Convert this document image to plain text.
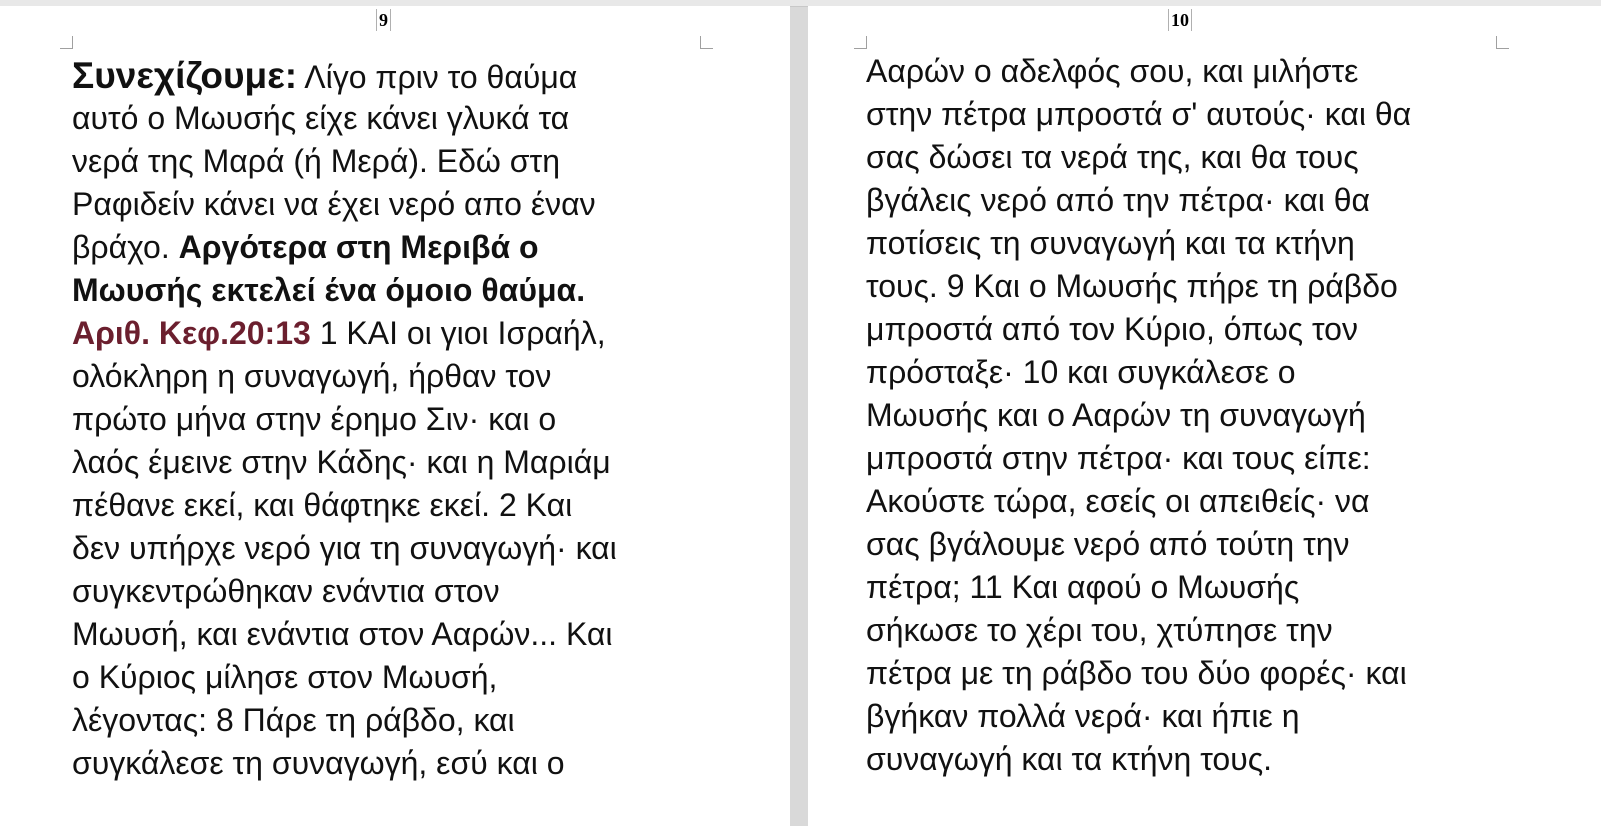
9
Συνεχίζουμε: Λίγο πριν το θαύμα
αυτό ο Μωυσής είχε κάνει γλυκά τα
νερά της Μαρά (ή Μερά). Εδώ στη
Ραφιδείν κάνει να έχει νερό απο έναν
βράχο. Αργότερα στη Μεριβά ο
Μωυσής εκτελεί ένα όμοιο θαύμα.
Αριθ. Κεφ.20:13 1 ΚΑΙ οι γιοι Ισραήλ,
ολόκληρη η συναγωγή, ήρθαν τον
πρώτο μήνα στην έρημο Σιν· και ο
λαός έμεινε στην Κάδης· και η Μαριάμ
πέθανε εκεί, και θάφτηκε εκεί. 2 Και
δεν υπήρχε νερό για τη συναγωγή· και
συγκεντρώθηκαν ενάντια στον
Μωυσή, και ενάντια στον Ααρών... Και
ο Κύριος μίλησε στον Μωυσή,
λέγοντας: 8 Πάρε τη ράβδο, και
συγκάλεσε τη συναγωγή, εσύ και ο
10
Ααρών ο αδελφός σου, και μιλήστε
στην πέτρα μπροστά σ' αυτούς· και θα
σας δώσει τα νερά της, και θα τους
βγάλεις νερό από την πέτρα· και θα
ποτίσεις τη συναγωγή και τα κτήνη
τους. 9 Και ο Μωυσής πήρε τη ράβδο
μπροστά από τον Κύριο, όπως τον
πρόσταξε· 10 και συγκάλεσε ο
Μωυσής και ο Ααρών τη συναγωγή
μπροστά στην πέτρα· και τους είπε:
Ακούστε τώρα, εσείς οι απειθείς· να
σας βγάλουμε νερό από τούτη την
πέτρα; 11 Και αφού ο Μωυσής
σήκωσε το χέρι του, χτύπησε την
πέτρα με τη ράβδο του δύο φορές· και
βγήκαν πολλά νερά· και ήπιε η
συναγωγή και τα κτήνη τους.
